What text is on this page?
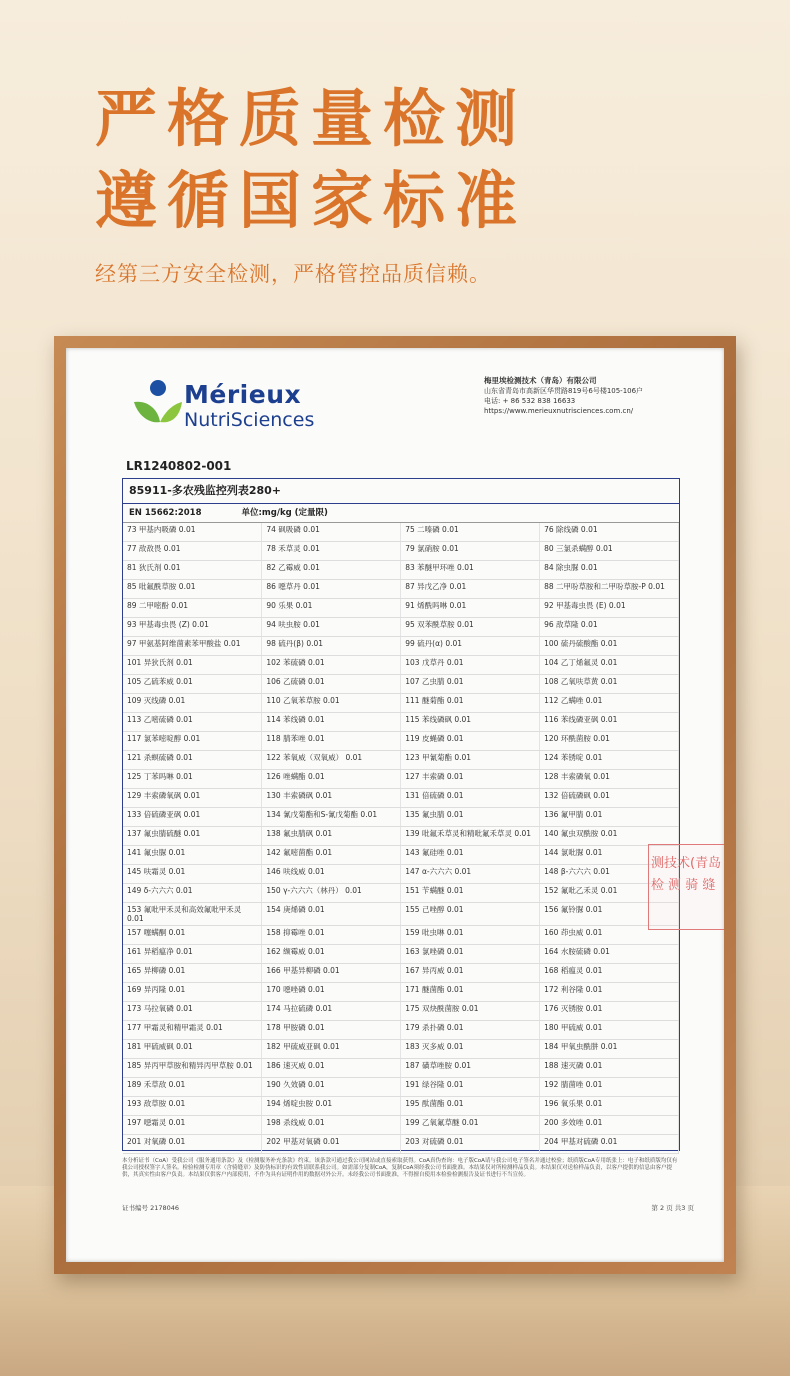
严格质量检测
遵循国家标准
经第三方安全检测，严格管控品质信赖。
Mérieux
NutriSciences
梅里埃检测技术（青岛）有限公司
山东省青岛市高新区华贯路819号6号楼105-106户
电话: + 86 532 838 16633
https://www.merieuxnutrisciences.com.cn/
LR1240802-001
85911-多农残监控列表280+
EN 15662:2018	单位:mg/kg (定量限)
73 甲基内吸磷 0.01	74 砜吸磷 0.01	75 二嗪磷 0.01	76 除线磷 0.01
77 敌敌畏 0.01	78 禾草灵 0.01	79 氯硝胺 0.01	80 三氯杀螨醇 0.01
81 狄氏剂 0.01	82 乙霉威 0.01	83 苯醚甲环唑 0.01	84 除虫脲 0.01
85 吡氟酰草胺 0.01	86 噁草丹 0.01	87 异戊乙净 0.01	88 二甲吩草胺和二甲吩草胺-P 0.01
89 二甲嘧酚 0.01	90 乐果 0.01	91 烯酰吗啉 0.01	92 甲基毒虫畏 (E) 0.01
93 甲基毒虫畏 (Z) 0.01	94 呋虫胺 0.01	95 双苯酰草胺 0.01	96 敌草隆 0.01
97 甲氨基阿维菌素苯甲酸盐 0.01	98 硫丹(β) 0.01	99 硫丹(α) 0.01	100 硫丹硫酸酯 0.01
101 异狄氏剂 0.01	102 苯硫磷 0.01	103 戊草丹 0.01	104 乙丁烯氟灵 0.01
105 乙硫苯威 0.01	106 乙硫磷 0.01	107 乙虫腈 0.01	108 乙氧呋草黄 0.01
109 灭线磷 0.01	110 乙氧苯草胺 0.01	111 醚菊酯 0.01	112 乙螨唑 0.01
113 乙嘧硫磷 0.01	114 苯线磷 0.01	115 苯线磷砜 0.01	116 苯线磷亚砜 0.01
117 氯苯嘧啶醇 0.01	118 腈苯唑 0.01	119 皮蝇磷 0.01	120 环酰菌胺 0.01
121 杀螟硫磷 0.01	122 苯氧威（双氧威） 0.01	123 甲氰菊酯 0.01	124 苯锈啶 0.01
125 丁苯吗啉 0.01	126 唑螨酯 0.01	127 丰索磷 0.01	128 丰索磷氧 0.01
129 丰索磷氧砜 0.01	130 丰索磷砜 0.01	131 倍硫磷 0.01	132 倍硫磷砜 0.01
133 倍硫磷亚砜 0.01	134 氰戊菊酯和S-氰戊菊酯 0.01	135 氟虫腈 0.01	136 氟甲腈 0.01
137 氟虫腈硫醚 0.01	138 氟虫腈砜 0.01	139 吡氟禾草灵和精吡氟禾草灵 0.01	140 氟虫双酰胺 0.01
141 氟虫脲 0.01	142 氟嘧菌酯 0.01	143 氟硅唑 0.01	144 氯吡脲 0.01
145 呋霜灵 0.01	146 呋线威 0.01	147 α-六六六 0.01	148 β-六六六 0.01
149 δ-六六六 0.01	150 γ-六六六（林丹） 0.01	151 苄螨醚 0.01	152 氟吡乙禾灵 0.01
153 氟吡甲禾灵和高效氟吡甲禾灵 0.01	154 庚烯磷 0.01	155 己唑醇 0.01	156 氟铃脲 0.01
157 噻螨酮 0.01	158 抑霉唑 0.01	159 吡虫啉 0.01	160 茚虫威 0.01
161 异稻瘟净 0.01	162 缬霉威 0.01	163 氯唑磷 0.01	164 水胺硫磷 0.01
165 异柳磷 0.01	166 甲基异柳磷 0.01	167 异丙威 0.01	168 稻瘟灵 0.01
169 异丙隆 0.01	170 噁唑磷 0.01	171 醚菌酯 0.01	172 利谷隆 0.01
173 马拉氧磷 0.01	174 马拉硫磷 0.01	175 双炔酰菌胺 0.01	176 灭锈胺 0.01
177 甲霜灵和精甲霜灵 0.01	178 甲胺磷 0.01	179 杀扑磷 0.01	180 甲硫威 0.01
181 甲硫威砜 0.01	182 甲硫威亚砜 0.01	183 灭多威 0.01	184 甲氧虫酰肼 0.01
185 异丙甲草胺和精异丙甲草胺 0.01	186 速灭威 0.01	187 磺草唑胺 0.01	188 速灭磷 0.01
189 禾草敌 0.01	190 久效磷 0.01	191 绿谷隆 0.01	192 腈菌唑 0.01
193 敌草胺 0.01	194 烯啶虫胺 0.01	195 酞菌酯 0.01	196 氧乐果 0.01
197 噁霜灵 0.01	198 杀线威 0.01	199 乙氧氟草醚 0.01	200 多效唑 0.01
201 对氧磷 0.01	202 甲基对氧磷 0.01	203 对硫磷 0.01	204 甲基对硫磷 0.01
测技术(青岛
检 测 骑 缝
本分析证书（CoA）受我公司《服务通用条款》及《检测服务补充条款》约束。该条款可通过我公司网站或直接索取获得。CoA真伪查询：电子版CoA请与我公司电子签名并通过校验；纸质版CoA专用纸张上：电子和纸质版均仅有我公司授权签字人签名。检验检测专用章（含骑缝章）及防伪标识的有效性请联系我公司。如需部分复制CoA，复制CoA须经我公司书面批准。本结果仅对所检测样品负责。本结果仅对送检样品负责，以客户提供的信息由客户提供，其真实性由客户负责。本结果仅供客户内部使用，不作为具有证明作用的数据对外公开。未经我公司书面批准，不得擅自使用本检验检测报告及证书进行不当宣传。
证书编号 2178046	第 2 页 共3 页
